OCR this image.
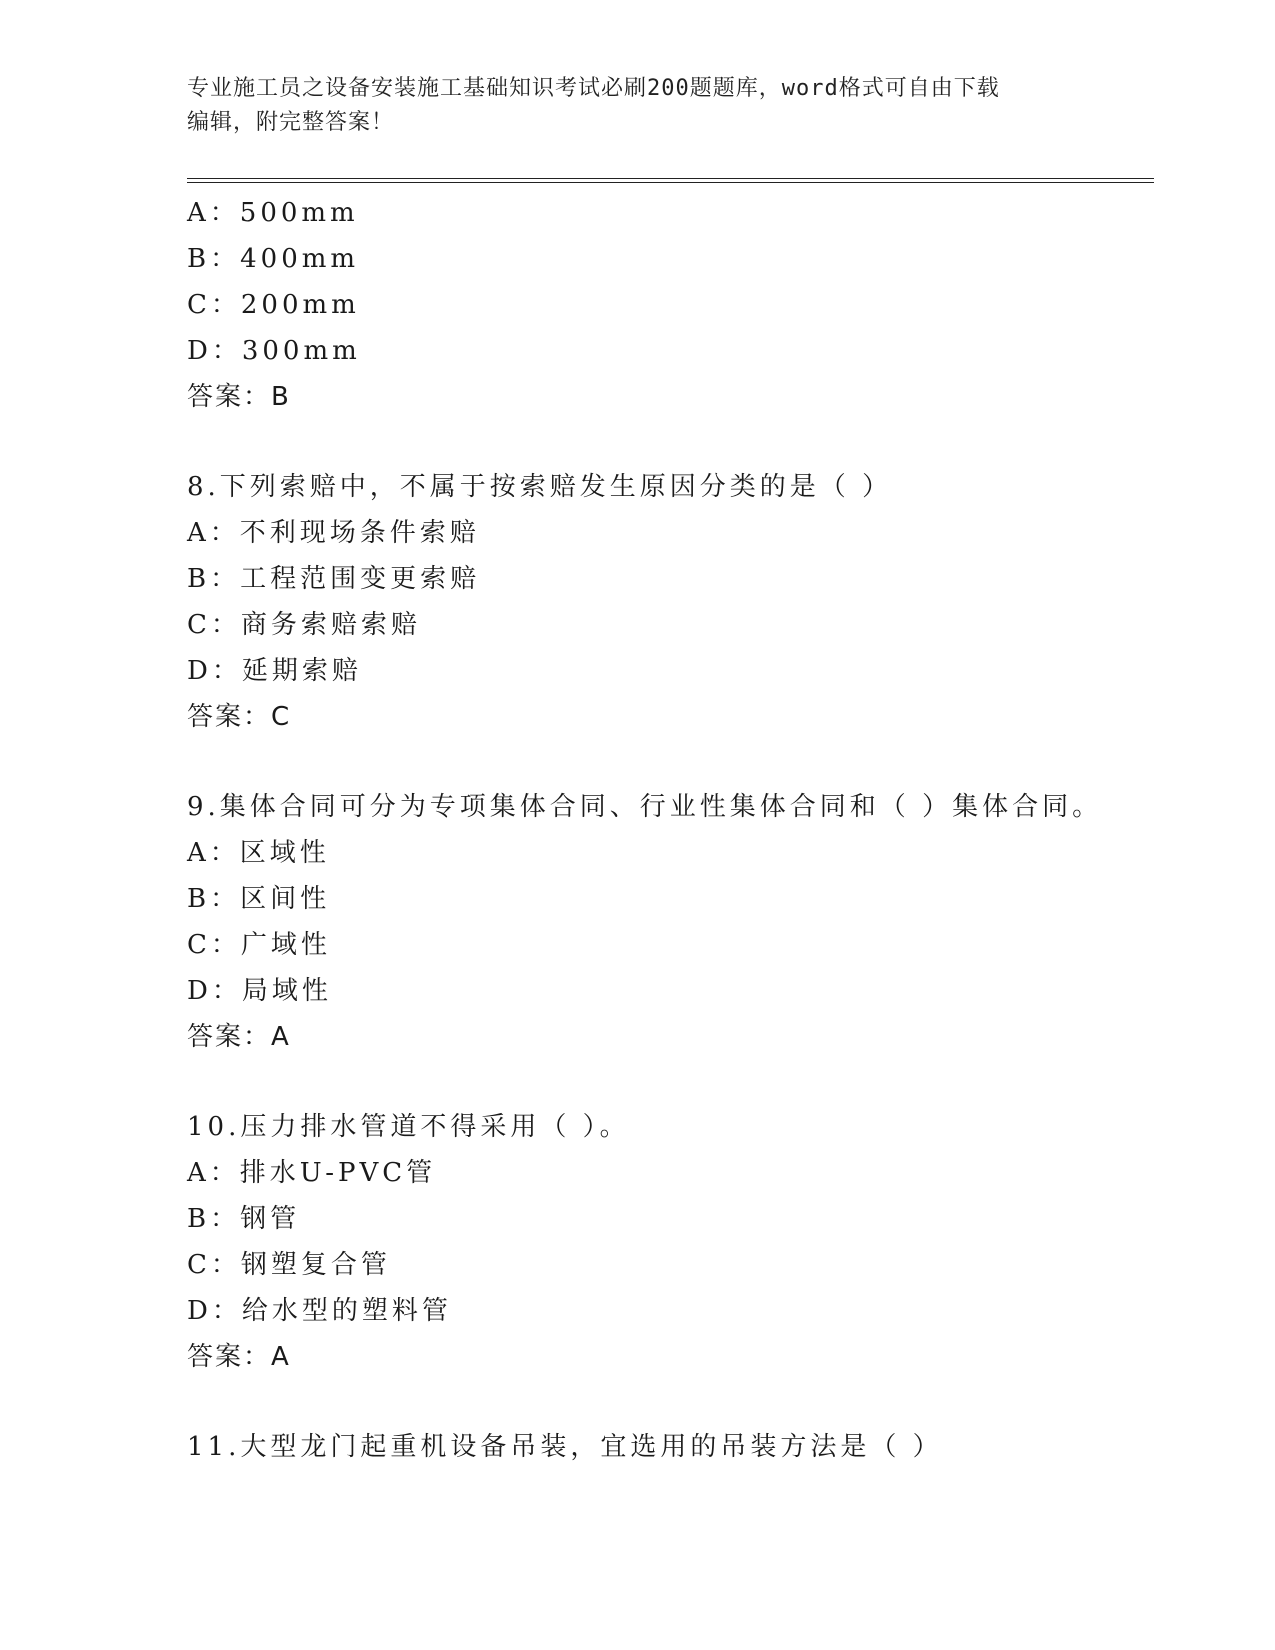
专业施工员之设备安装施工基础知识考试必刷200题题库，word格式可自由下载
编辑，附完整答案！
A：500mm
B：400mm
C：200mm
D：300mm
答案：B
8.下列索赔中，不属于按索赔发生原因分类的是（ ）
A：不利现场条件索赔
B：工程范围变更索赔
C：商务索赔索赔
D：延期索赔
答案：C
9.集体合同可分为专项集体合同、行业性集体合同和（ ）集体合同。
A：区域性
B：区间性
C：广域性
D：局域性
答案：A
10.压力排水管道不得采用（ ）。
A：排水U-PVC管
B：钢管
C：钢塑复合管
D：给水型的塑料管
答案：A
11.大型龙门起重机设备吊装，宜选用的吊装方法是（ ）
